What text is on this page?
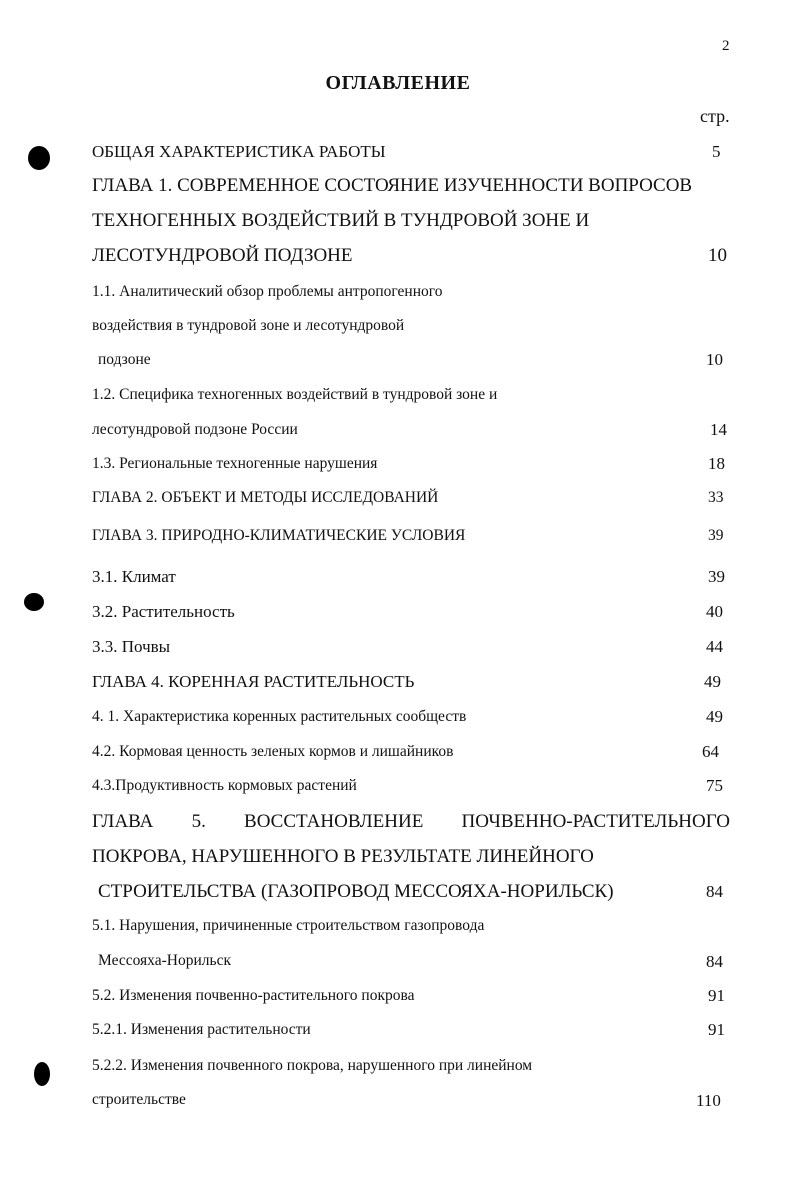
2
ОГЛАВЛЕНИЕ
стр.
ОБЩАЯ ХАРАКТЕРИСТИКА РАБОТЫ	5
ГЛАВА 1. СОВРЕМЕННОЕ СОСТОЯНИЕ ИЗУЧЕННОСТИ ВОПРОСОВ
ТЕХНОГЕННЫХ ВОЗДЕЙСТВИЙ В ТУНДРОВОЙ ЗОНЕ И
ЛЕСОТУНДРОВОЙ ПОДЗОНЕ	10
1.1. Аналитический обзор проблемы антропогенного
воздействия в тундровой зоне и лесотундровой
подзоне	10
1.2. Специфика техногенных воздействий в тундровой зоне и
лесотундровой подзоне России	14
1.3. Региональные техногенные нарушения	18
ГЛАВА 2. ОБЪЕКТ И МЕТОДЫ ИССЛЕДОВАНИЙ	33
ГЛАВА 3. ПРИРОДНО-КЛИМАТИЧЕСКИЕ УСЛОВИЯ	39
3.1. Климат	39
3.2. Растительность	40
3.3. Почвы	44
ГЛАВА 4. КОРЕННАЯ РАСТИТЕЛЬНОСТЬ	49
4. 1. Характеристика коренных растительных сообществ	49
4.2. Кормовая ценность зеленых кормов и лишайников	64
4.3.Продуктивность кормовых растений	75
ГЛАВА 5. ВОССТАНОВЛЕНИЕ ПОЧВЕННО-РАСТИТЕЛЬНОГО
ПОКРОВА, НАРУШЕННОГО В РЕЗУЛЬТАТЕ ЛИНЕЙНОГО
СТРОИТЕЛЬСТВА (ГАЗОПРОВОД МЕССОЯХА-НОРИЛЬСК)	84
5.1. Нарушения, причиненные строительством газопровода
Мессояха-Норильск	84
5.2. Изменения почвенно-растительного покрова	91
5.2.1. Изменения растительности	91
5.2.2. Изменения почвенного покрова, нарушенного при линейном
строительстве	110
